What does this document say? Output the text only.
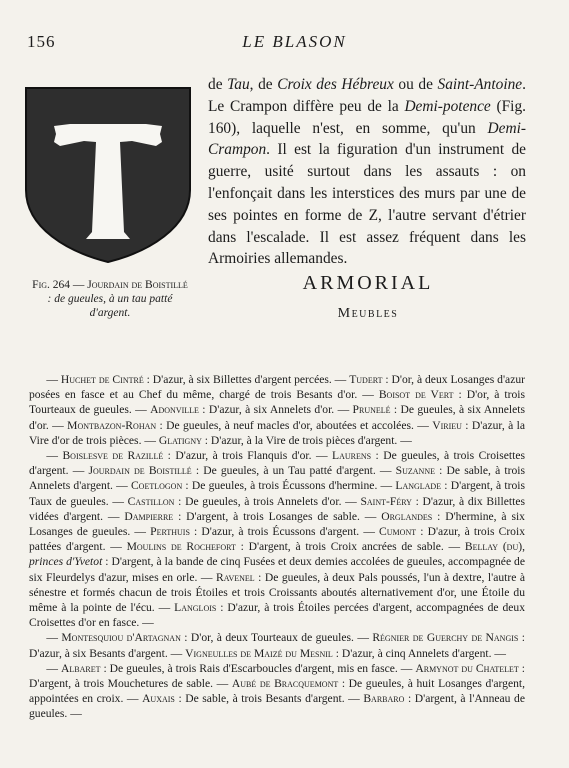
156	LE BLASON
Fig. 264 — Jourdain de Boistillé : de gueules, à un tau patté d'argent.
de Tau, de Croix des Hébreux ou de Saint-Antoine. Le Crampon diffère peu de la Demi-potence (Fig. 160), laquelle n'est, en somme, qu'un Demi-Crampon. Il est la figuration d'un instrument de guerre, usité surtout dans les assauts : on l'enfonçait dans les interstices des murs par une de ses pointes en forme de Z, l'autre servant d'étrier dans l'escalade. Il est assez fréquent dans les Armoiries allemandes.
ARMORIAL
Meubles

— Huchet de Cintré : D'azur, à six Billettes d'argent percées. — Tudert : D'or, à deux Losanges d'azur posées en fasce et au Chef du même, chargé de trois Besants d'or. — Boisot de Vert : D'or, à trois Tourteaux de gueules. — Adonville : D'azur, à six Annelets d'or. — Prunelé : De gueules, à six Annelets d'or. — Montbazon-Rohan : De gueules, à neuf macles d'or, aboutées et accolées. — Virieu : D'azur, à la Vire d'or de trois pièces. — Glatigny : D'azur, à la Vire de trois pièces d'argent. —

— Boislesve de Razillé : D'azur, à trois Flanquis d'or. — Laurens : De gueules, à trois Croisettes d'argent. — Jourdain de Boistillé : De gueules, à un Tau patté d'argent. — Suzanne : De sable, à trois Annelets d'argent. — Coetlogon : De gueules, à trois Écussons d'hermine. — Langlade : D'argent, à trois Taux de gueules. — Castillon : De gueules, à trois Annelets d'or. — Saint-Féry : D'azur, à dix Billettes vidées d'argent. — Dampierre : D'argent, à trois Losanges de sable. — Orglandes : D'hermine, à six Losanges de gueules. — Perthuis : D'azur, à trois Écussons d'argent. — Cumont : D'azur, à trois Croix pattées d'argent. — Moulins de Rochefort : D'argent, à trois Croix ancrées de sable. — Bellay (du), princes d'Yvetot : D'argent, à la bande de cinq Fusées et deux demies accolées de gueules, accompagnée de six Fleurdelys d'azur, mises en orle. — Ravenel : De gueules, à deux Pals poussés, l'un à dextre, l'autre à sénestre et formés chacun de trois Étoiles et trois Croissants aboutés alternativement d'or, une Étoile du même à la pointe de l'écu. — Langlois : D'azur, à trois Étoiles percées d'argent, accompagnées de deux Croisettes d'or en fasce. —

— Montesquiou d'Artagnan : D'or, à deux Tourteaux de gueules. — Régnier de Guerchy de Nangis : D'azur, à six Besants d'argent. — Vigneulles de Maizé du Mesnil : D'azur, à cinq Annelets d'argent. —

— Albaret : De gueules, à trois Rais d'Escarboucles d'argent, mis en fasce. — Armynot du Chatelet : D'argent, à trois Mouchetures de sable. — Aubé de Bracquemont : De gueules, à huit Losanges d'argent, appointées en croix. — Auxais : De sable, à trois Besants d'argent. — Barbaro : D'argent, à l'Anneau de gueules. —
